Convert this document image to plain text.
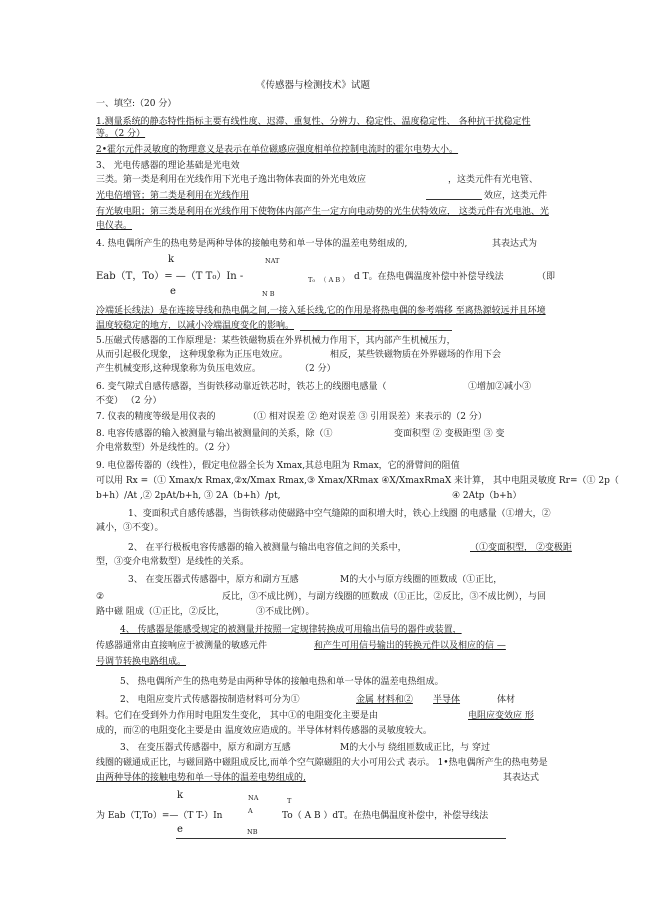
《传感器与检测技术》试题
一、填空:（20 分）
1.测量系统的静态特性指标主要有线性度、迟滞、重复性、分辨力、稳定性、温度稳定性、 各种抗干扰稳定性
等。（2 分）
2•霍尔元件灵敏度的物理意义是表示在单位磁感应强度相单位控制电流时的霍尔电势大小。
3、 光电传感器的理论基础是光电效
三类。第一类是利用在光线作用下光电子逸出物体表面的外光电效应	，这类元件有光电管、
光电倍增管；第二类是利用在光线作用	效应，这类元件
有光敏电阻；第三类是利用在光线作用下使物体内部产生一定方向电动势的光生伏特效应， 这类元件有光电池、光
电仪表。
4. 热电偶所产生的热电势是两种导体的接触电势和单一导体的温差电势组成的,	其表达式为
k	NAT
Eab（T，To）= —（T T₀）In -	T₀ （ A B ） d T。在热电偶温度补偿中补偿导线法	（即
e	N B
冷端延长线法）是在连接导线和热电偶之间,一接入延长线,它的作用是将热电偶的参考端移 至离热源较远并且环境
温度较稳定的地方，以减小冷端温度变化的影响。
5.压磁式传感器的工作原理是：某些铁磁物质在外界机械力作用下，其内部产生机械压力，
从而引起极化现象， 这种现象称为正压电效应。	相反，某些铁磁物质在外界磁场的作用下会
产生机械变形,这种现象称为负压电效应。	（2 分）
6. 变气隙式自感传感器，当街铁移动靠近铁芯时，铁芯上的线圈电感量（	①增加②减小③
不变） （2 分）
7. 仪表的精度等级是用仪表的	（① 相对误差 ② 绝对误差 ③ 引用误差）来表示的（2 分）
8. 电容传感器的输入被测量与输出被测量间的关系，除（①	变面积型 ② 变极距型 ③ 变
介电常数型）外是线性的。（2 分）
9. 电位器传器的（线性），假定电位器全长为 Xmax,其总电阻为 Rmax，它的滑臂间的阻值
可以用 Rx =（① Xmax/x Rmax,②x/Xmax Rmax,③ Xmax/XRmax ④X/XmaxRmaX 来计算， 其中电阻灵敏度 Rr=（① 2p（
b+h）/At ,② 2pAt/b+h, ③ 2A（b+h）/pt,	④ 2Atp（b+h）
1、变面积式自感传感器，当街铁移动使磁路中空气缝隙的面积增大时，铁心上线圈 的电感量（①增大，②
减小，③不变）。
2、 在平行极板电容传感器的输入被测量与输出电容值之间的关系中，	（①变面积型， ②变极距
型，③变介电常数型）是线性的关系。
3、 在变压器式传感器中，原方和副方互感	M的大小与原方线圈的匝数成（①正比，
②	反比，③不成比例），与副方线圈的匝数成（①正比，②反比，③不成比例），与回
路中磁 阻成（①正比，②反比，	③不成比例）。
4、 传感器是能感受规定的被测量并按照一定规律转换成可用输出信号的器件或装置，
传感器通常由直接响应于被测量的敏感元件	和产生可用信号输出的转换元件以及相应的信 —
号调节转换电路组成。
5、 热电偶所产生的热电势是由两种导体的接触电热和单一导体的温差电热组成。
2、 电阻应变片式传感器按制造材料可分为①	金属 材料和② 半导体	体材
料。它们在受到外力作用时电阻发生变化， 其中①的电阻变化主要是由	电阻应变效应 形
成的，而②的电阻变化主要是由 温度效应造成的。半导体材料传感器的灵敏度较大。
3、 在变压器式传感器中，原方和副方互感	M的大小与 绕组匝数成正比，与 穿过
线圈的磁通成正比，与磁回路中磁阻成反比,而单个空气隙磁阻的大小可用公式 表示。 1•热电偶所产生的热电势是
由两种导体的接触电势和单一导体的温差电势组成的,	其表达式
k	NA	T
A
为 Eab（T,To）=—（T T-）In	To（ A B ）dT。在热电偶温度补偿中，补偿导线法
e	NB
